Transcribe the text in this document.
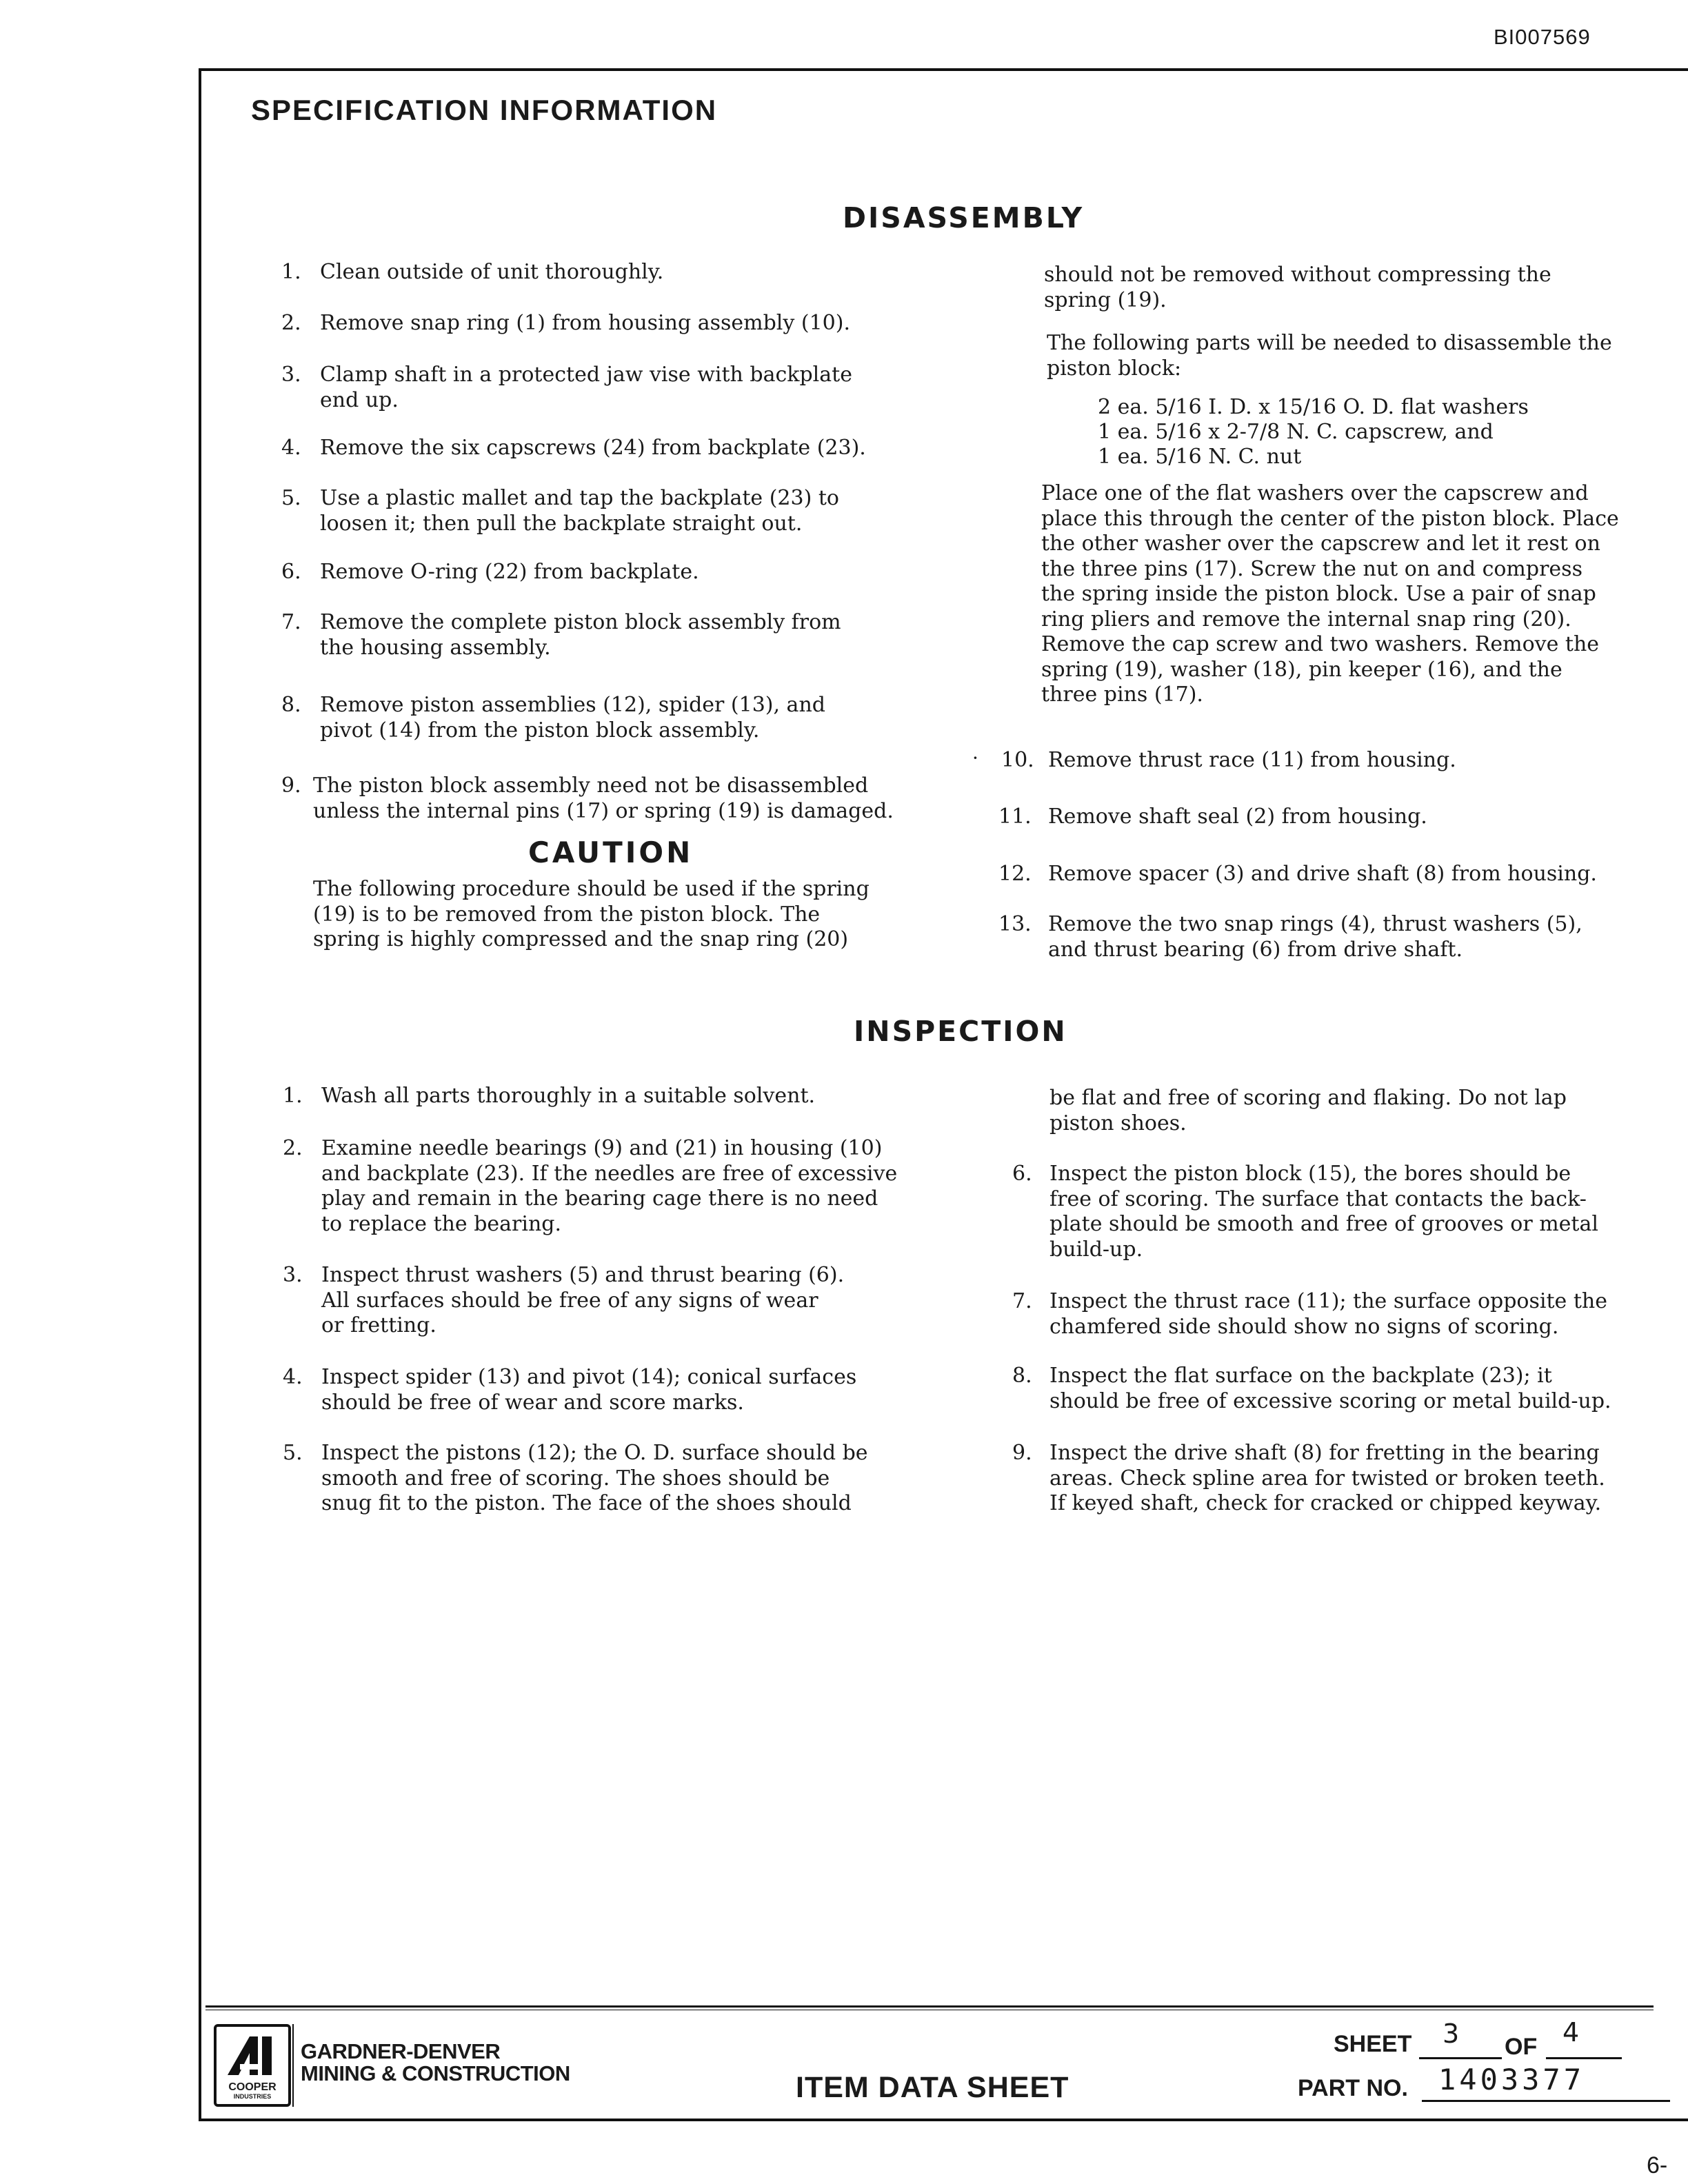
BI007569
SPECIFICATION INFORMATION
DISASSEMBLY
1. Clean outside of unit thoroughly.
2. Remove snap ring (1) from housing assembly (10).
3. Clamp shaft in a protected jaw vise with backplate
end up.
4. Remove the six capscrews (24) from backplate (23).
5. Use a plastic mallet and tap the backplate (23) to
loosen it; then pull the backplate straight out.
6. Remove O-ring (22) from backplate.
7. Remove the complete piston block assembly from
the housing assembly.
8. Remove piston assemblies (12), spider (13), and
pivot (14) from the piston block assembly.
9. The piston block assembly need not be disassembled
unless the internal pins (17) or spring (19) is damaged.
CAUTION
The following procedure should be used if the spring
(19) is to be removed from the piston block. The
spring is highly compressed and the snap ring (20)
should not be removed without compressing the
spring (19).
The following parts will be needed to disassemble the
piston block:
2 ea. 5/16 I. D. x 15/16 O. D. flat washers
1 ea. 5/16 x 2-7/8 N. C. capscrew, and
1 ea. 5/16 N. C. nut
Place one of the flat washers over the capscrew and
place this through the center of the piston block. Place
the other washer over the capscrew and let it rest on
the three pins (17). Screw the nut on and compress
the spring inside the piston block. Use a pair of snap
ring pliers and remove the internal snap ring (20).
Remove the cap screw and two washers. Remove the
spring (19), washer (18), pin keeper (16), and the
three pins (17).
10. Remove thrust race (11) from housing.
11. Remove shaft seal (2) from housing.
12. Remove spacer (3) and drive shaft (8) from housing.
13. Remove the two snap rings (4), thrust washers (5),
and thrust bearing (6) from drive shaft.
INSPECTION
1. Wash all parts thoroughly in a suitable solvent.
2. Examine needle bearings (9) and (21) in housing (10)
and backplate (23). If the needles are free of excessive
play and remain in the bearing cage there is no need
to replace the bearing.
3. Inspect thrust washers (5) and thrust bearing (6).
All surfaces should be free of any signs of wear
or fretting.
4. Inspect spider (13) and pivot (14); conical surfaces
should be free of wear and score marks.
5. Inspect the pistons (12); the O. D. surface should be
smooth and free of scoring. The shoes should be
snug fit to the piston. The face of the shoes should
be flat and free of scoring and flaking. Do not lap
piston shoes.
6. Inspect the piston block (15), the bores should be
free of scoring. The surface that contacts the back-
plate should be smooth and free of grooves or metal
build-up.
7. Inspect the thrust race (11); the surface opposite the
chamfered side should show no signs of scoring.
8. Inspect the flat surface on the backplate (23); it
should be free of excessive scoring or metal build-up.
9. Inspect the drive shaft (8) for fretting in the bearing
areas. Check spline area for twisted or broken teeth.
If keyed shaft, check for cracked or chipped keyway.
·
COOPER
INDUSTRIES
GARDNER-DENVER
MINING & CONSTRUCTION	ITEM DATA SHEET
SHEET 3 OF 4
PART NO. 1403377
6-
